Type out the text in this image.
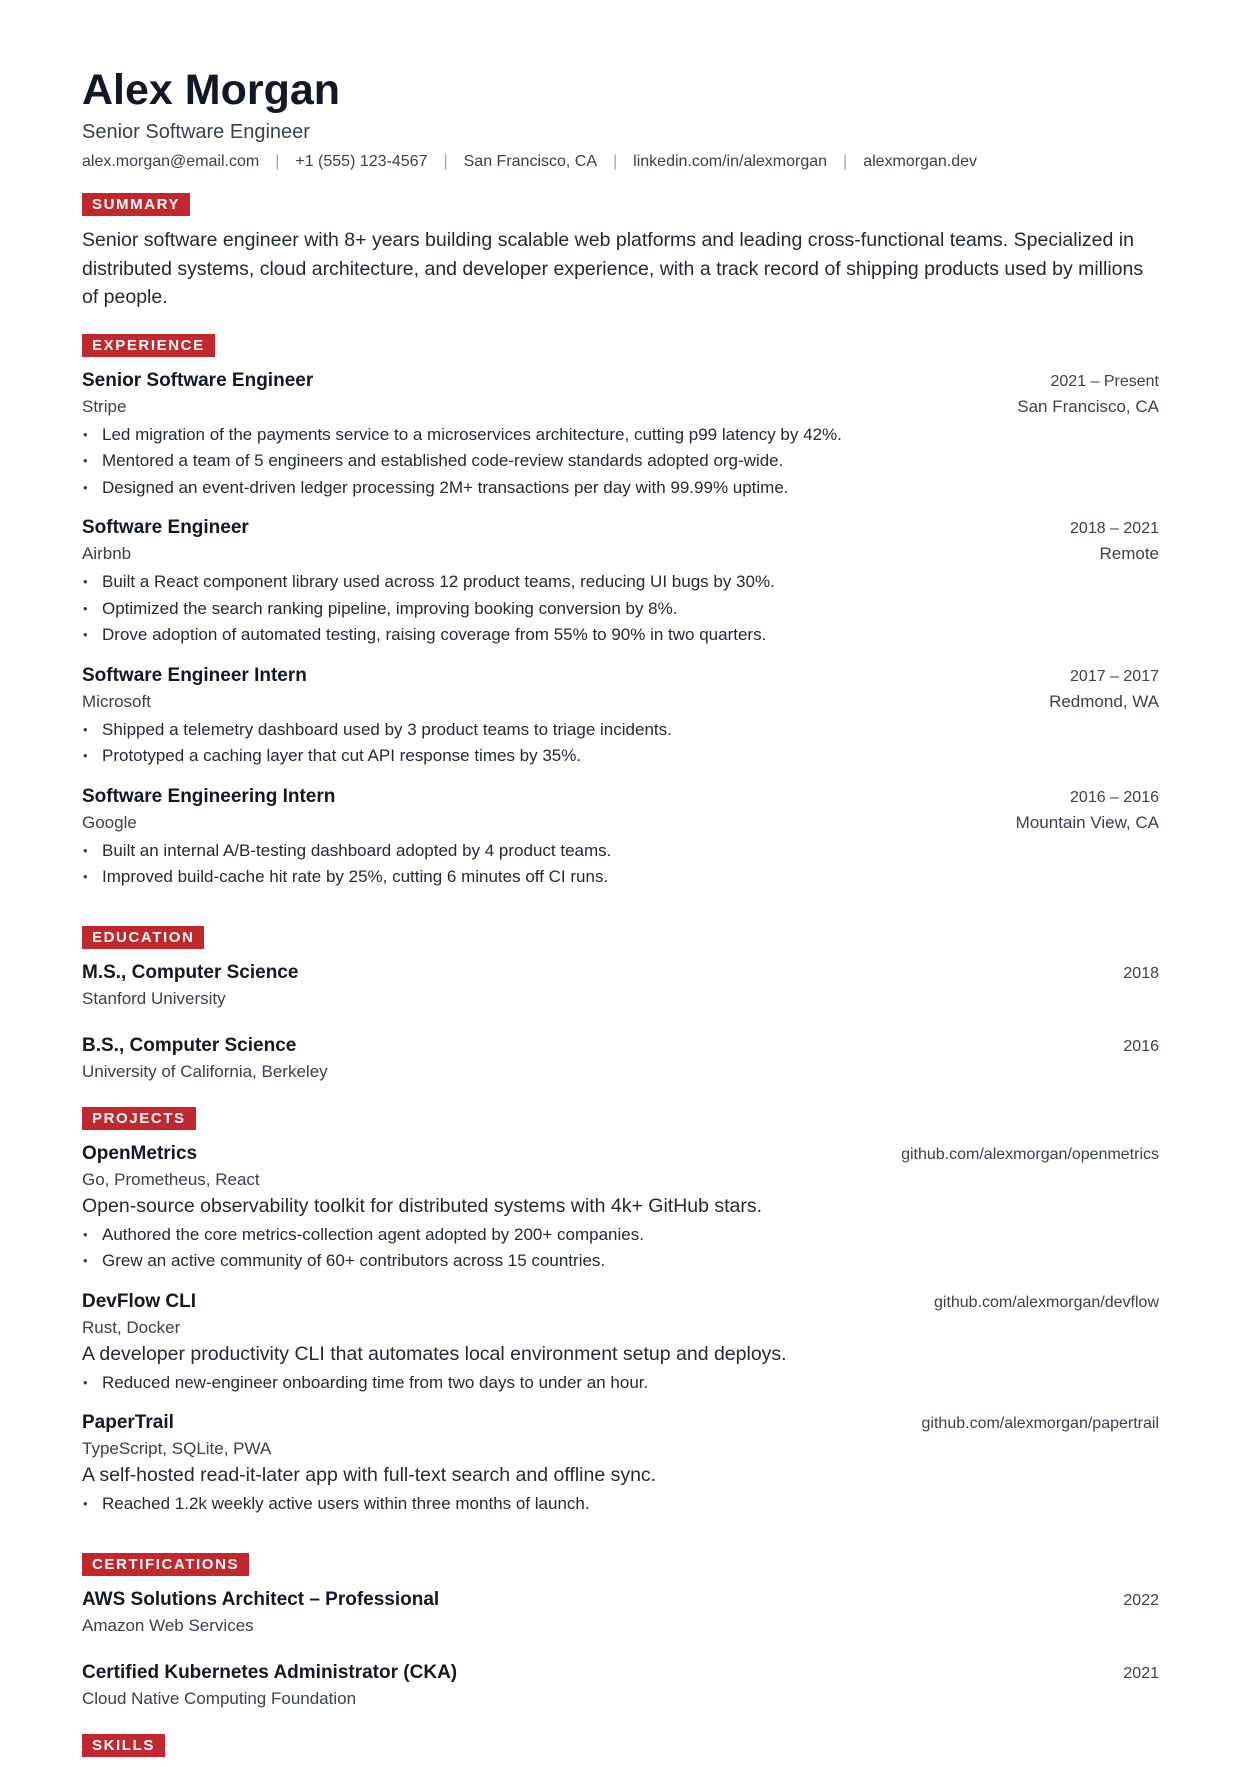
Alex Morgan
Senior Software Engineer
alex.morgan@email.com | +1 (555) 123-4567 | San Francisco, CA | linkedin.com/in/alexmorgan | alexmorgan.dev
SUMMARY
Senior software engineer with 8+ years building scalable web platforms and leading cross-functional teams. Specialized in distributed systems, cloud architecture, and developer experience, with a track record of shipping products used by millions of people.
EXPERIENCE
Senior Software Engineer	2021 – Present
Stripe	San Francisco, CA
• Led migration of the payments service to a microservices architecture, cutting p99 latency by 42%.
• Mentored a team of 5 engineers and established code-review standards adopted org-wide.
• Designed an event-driven ledger processing 2M+ transactions per day with 99.99% uptime.
Software Engineer	2018 – 2021
Airbnb	Remote
• Built a React component library used across 12 product teams, reducing UI bugs by 30%.
• Optimized the search ranking pipeline, improving booking conversion by 8%.
• Drove adoption of automated testing, raising coverage from 55% to 90% in two quarters.
Software Engineer Intern	2017 – 2017
Microsoft	Redmond, WA
• Shipped a telemetry dashboard used by 3 product teams to triage incidents.
• Prototyped a caching layer that cut API response times by 35%.
Software Engineering Intern	2016 – 2016
Google	Mountain View, CA
• Built an internal A/B-testing dashboard adopted by 4 product teams.
• Improved build-cache hit rate by 25%, cutting 6 minutes off CI runs.
EDUCATION
M.S., Computer Science	2018
Stanford University
B.S., Computer Science	2016
University of California, Berkeley
PROJECTS
OpenMetrics	github.com/alexmorgan/openmetrics
Go, Prometheus, React
Open-source observability toolkit for distributed systems with 4k+ GitHub stars.
• Authored the core metrics-collection agent adopted by 200+ companies.
• Grew an active community of 60+ contributors across 15 countries.
DevFlow CLI	github.com/alexmorgan/devflow
Rust, Docker
A developer productivity CLI that automates local environment setup and deploys.
• Reduced new-engineer onboarding time from two days to under an hour.
PaperTrail	github.com/alexmorgan/papertrail
TypeScript, SQLite, PWA
A self-hosted read-it-later app with full-text search and offline sync.
• Reached 1.2k weekly active users within three months of launch.
CERTIFICATIONS
AWS Solutions Architect – Professional	2022
Amazon Web Services
Certified Kubernetes Administrator (CKA)	2021
Cloud Native Computing Foundation
SKILLS
